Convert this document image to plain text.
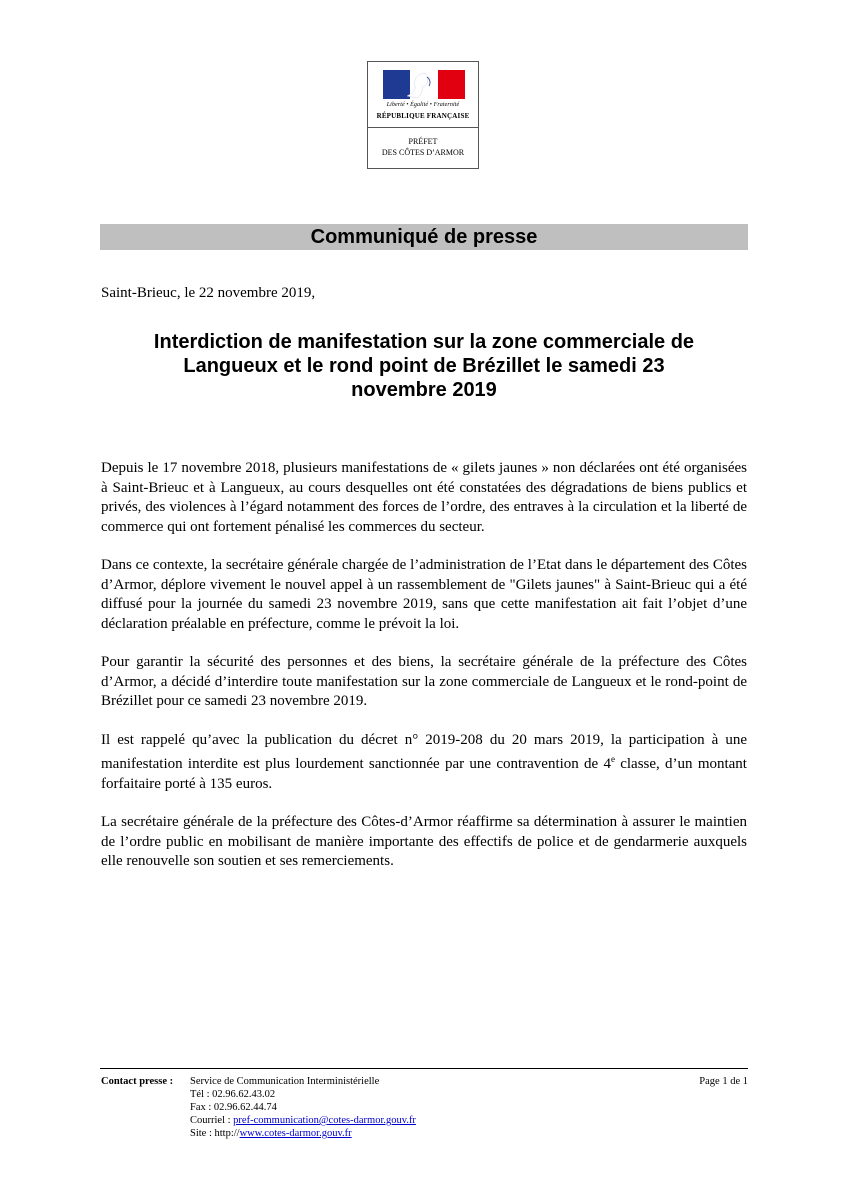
Liberté • Égalité • Fraternité
RÉPUBLIQUE FRANÇAISE
PRÉFET
DES CÔTES D’ARMOR
Communiqué de presse
Saint-Brieuc, le 22 novembre 2019,
Interdiction de manifestation sur la zone commerciale de
Langueux et le rond point de Brézillet le samedi 23
novembre 2019

Depuis le 17 novembre 2018, plusieurs manifestations de « gilets jaunes » non déclarées ont été organisées à Saint-Brieuc et à Langueux, au cours desquelles ont été constatées des dégradations de biens publics et privés, des violences à l’égard notamment des forces de l’ordre, des entraves à la circulation et la liberté de commerce qui ont fortement pénalisé les commerces du secteur.

Dans ce contexte, la secrétaire générale chargée de l’administration de l’Etat dans le département des Côtes d’Armor, déplore vivement le nouvel appel à un rassemblement de "Gilets jaunes" à Saint-Brieuc qui a été diffusé pour la journée du samedi 23 novembre 2019, sans que cette manifestation ait fait l’objet d’une déclaration préalable en préfecture, comme le prévoit la loi.

Pour garantir la sécurité des personnes et des biens, la secrétaire générale de la préfecture des Côtes d’Armor, a décidé d’interdire toute manifestation sur la zone commerciale de Langueux et le rond-point de Brézillet pour ce samedi 23 novembre 2019.

Il est rappelé qu’avec la publication du décret n° 2019-208 du 20 mars 2019, la participation à une manifestation interdite est plus lourdement sanctionnée par une contravention de 4e classe, d’un montant forfaitaire porté à 135 euros.

La secrétaire générale de la préfecture des Côtes-d’Armor réaffirme sa détermination à assurer le maintien de l’ordre public en mobilisant de manière importante des effectifs de police et de gendarmerie auxquels elle renouvelle son soutien et ses remerciements.

Contact presse : Service de Communication Interministérielle
Tél : 02.96.62.43.02
Fax : 02.96.62.44.74
Courriel : pref-communication@cotes-darmor.gouv.fr
Site : http://www.cotes-darmor.gouv.fr
Page 1 de 1
